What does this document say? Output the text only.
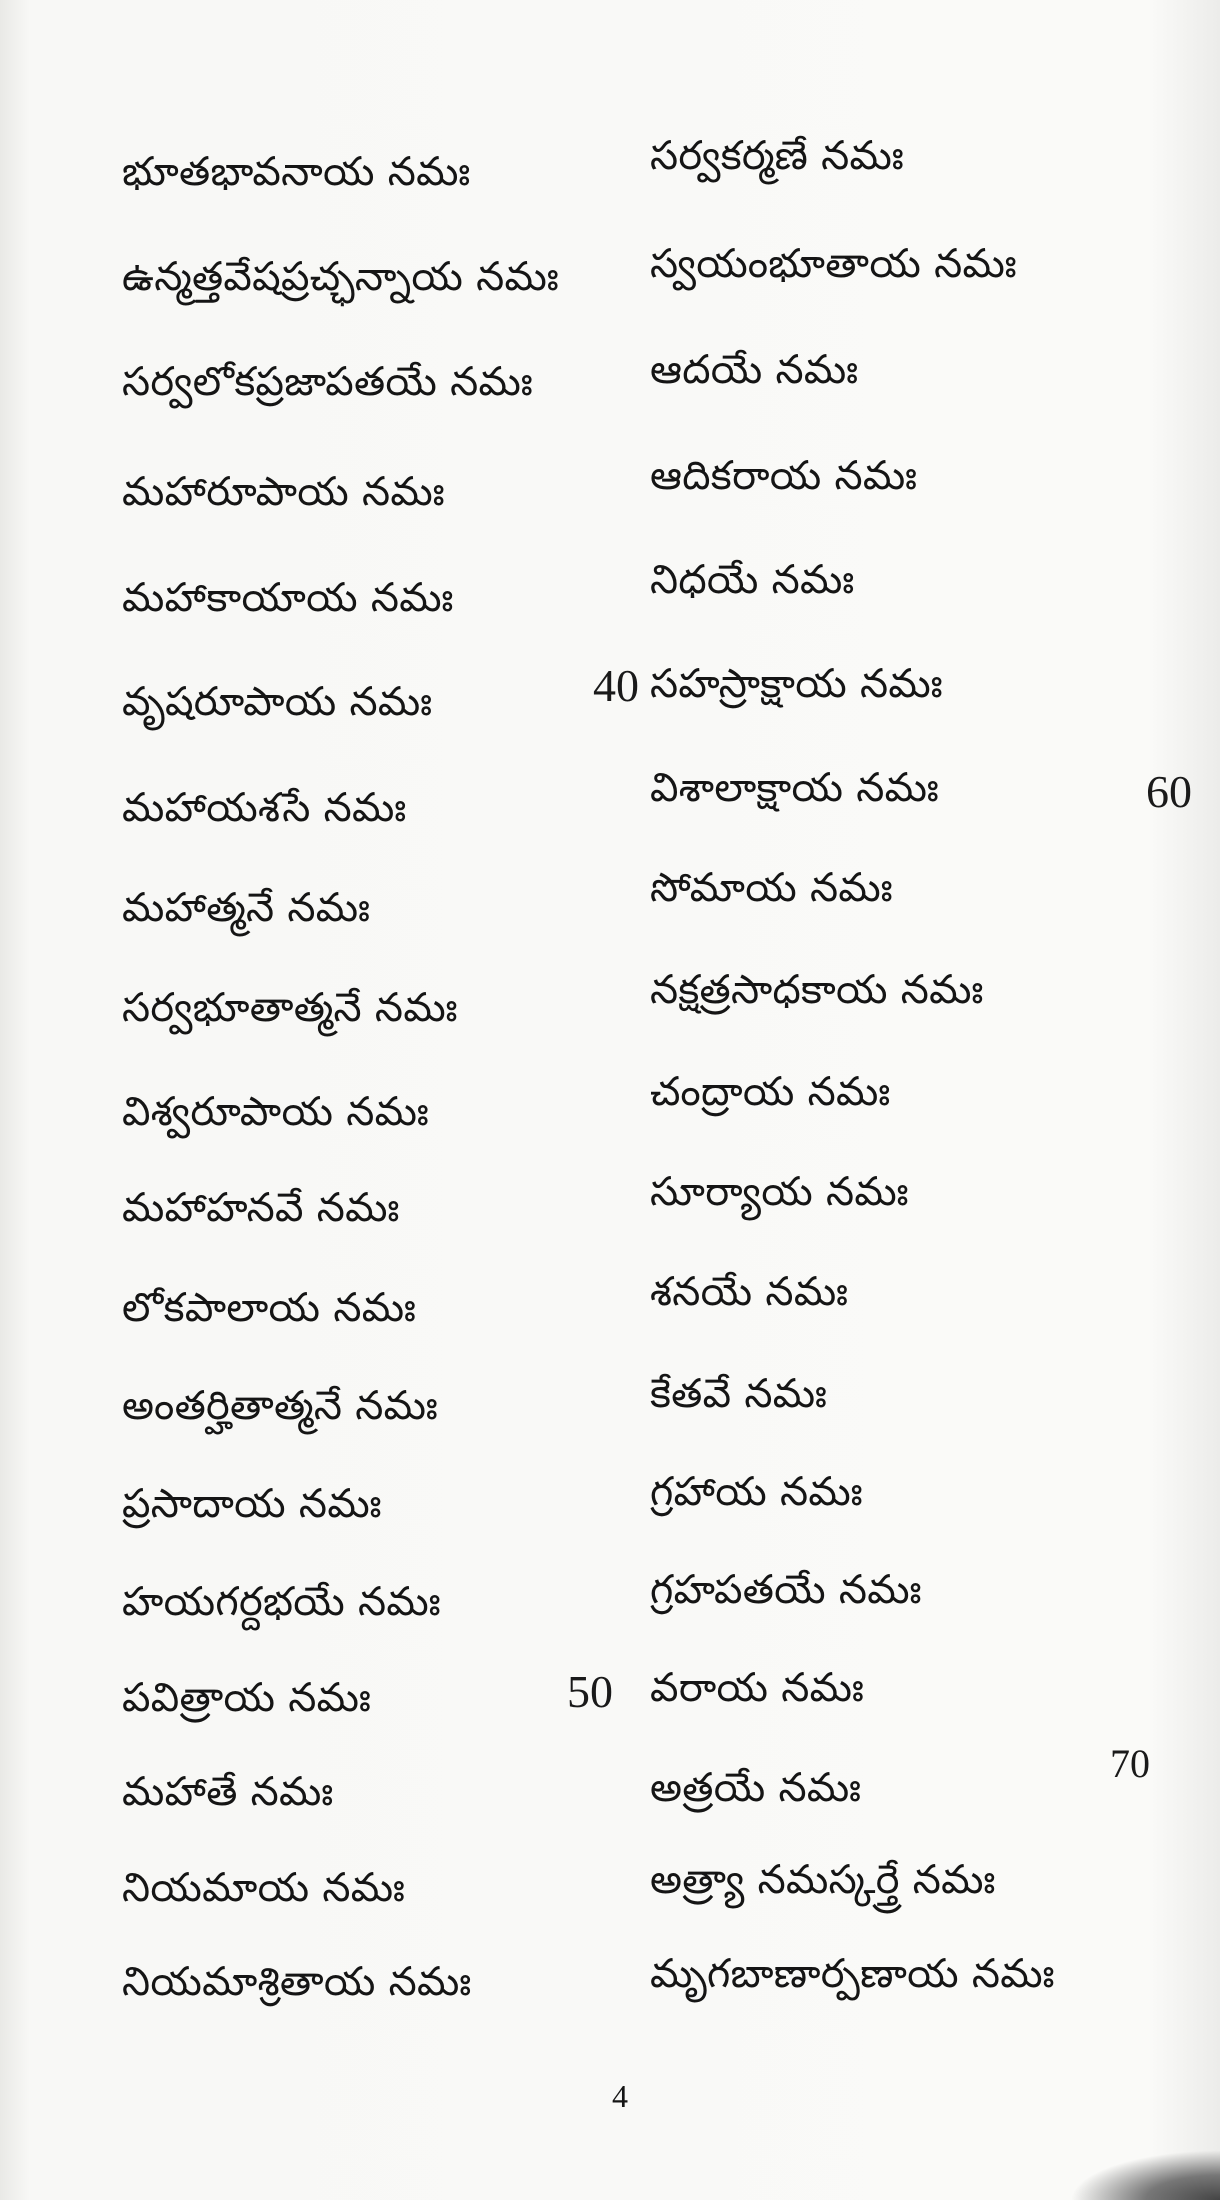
భూతభావనాయ నమః
ఉన్మత్తవేషప్రచ్ఛన్నాయ నమః
సర్వలోకప్రజాపతయే నమః
మహారూపాయ నమః
మహాకాయాయ నమః
వృషరూపాయ నమః
మహాయశసే నమః
మహాత్మనే నమః
సర్వభూతాత్మనే నమః
విశ్వరూపాయ నమః
మహాహనవే నమః
లోకపాలాయ నమః
అంతర్హితాత్మనే నమః
ప్రసాదాయ నమః
హయగర్దభయే నమః
పవిత్రాయ నమః
మహాతే నమః
నియమాయ నమః
నియమాశ్రితాయ నమః
సర్వకర్మణే నమః
స్వయంభూతాయ నమః
ఆదయే నమః
ఆదికరాయ నమః
నిధయే నమః
సహస్రాక్షాయ నమః
విశాలాక్షాయ నమః
సోమాయ నమః
నక్షత్రసాధకాయ నమః
చంద్రాయ నమః
సూర్యాయ నమః
శనయే నమః
కేతవే నమః
గ్రహాయ నమః
గ్రహపతయే నమః
వరాయ నమః
అత్రయే నమః
అత్ర్యా నమస్కర్త్రే నమః
మృగబాణార్పణాయ నమః
40
50
60
70
4
